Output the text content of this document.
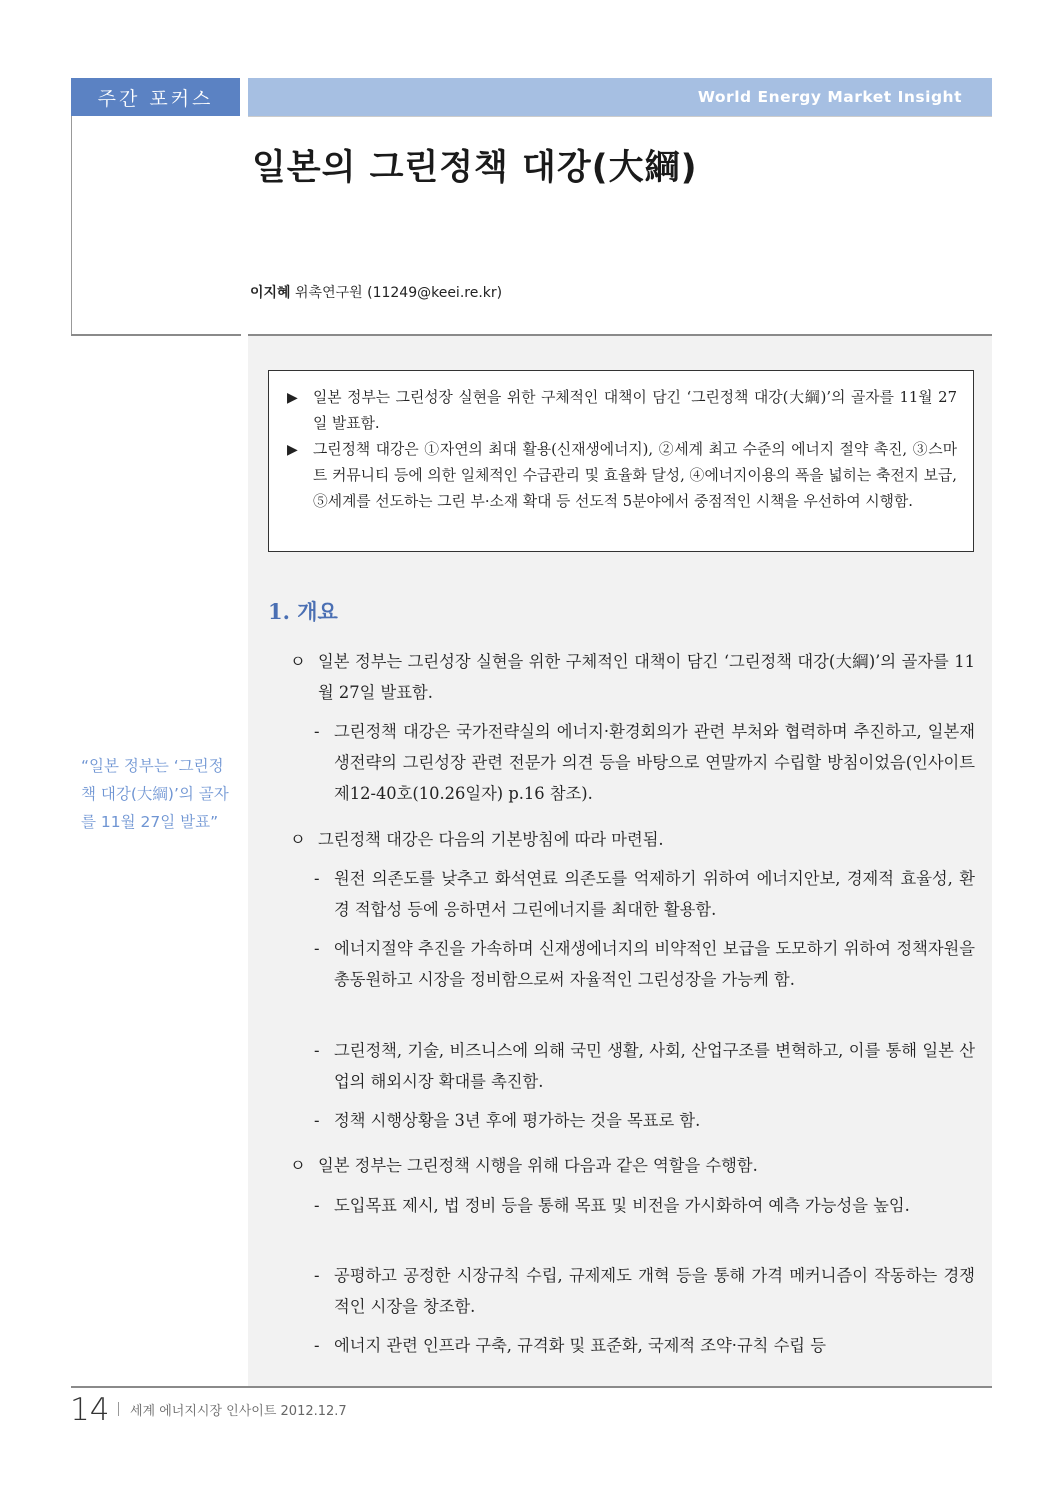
주간 포커스	World Energy Market Insight
일본의 그린정책 대강(大綱)
이지혜 위촉연구원 (11249@keei.re.kr)
▶ 일본 정부는 그린성장 실현을 위한 구체적인 대책이 담긴 ‘그린정책 대강(大綱)’의 골자를 11월 27일 발표함.
▶ 그린정책 대강은 ①자연의 최대 활용(신재생에너지), ②세계 최고 수준의 에너지 절약 촉진, ③스마트 커뮤니티 등에 의한 일체적인 수급관리 및 효율화 달성, ④에너지이용의 폭을 넓히는 축전지 보급, ⑤세계를 선도하는 그린 부·소재 확대 등 선도적 5분야에서 중점적인 시책을 우선하여 시행함.
“일본 정부는 ‘그린정책 대강(大綱)’의 골자를 11월 27일 발표”
1. 개요
ㅇ 일본 정부는 그린성장 실현을 위한 구체적인 대책이 담긴 ‘그린정책 대강(大綱)’의 골자를 11월 27일 발표함.
- 그린정책 대강은 국가전략실의 에너지·환경회의가 관련 부처와 협력하며 추진하고, 일본재생전략의 그린성장 관련 전문가 의견 등을 바탕으로 연말까지 수립할 방침이었음(인사이트 제12-40호(10.26일자) p.16 참조).
ㅇ 그린정책 대강은 다음의 기본방침에 따라 마련됨.
- 원전 의존도를 낮추고 화석연료 의존도를 억제하기 위하여 에너지안보, 경제적 효율성, 환경 적합성 등에 응하면서 그린에너지를 최대한 활용함.
- 에너지절약 추진을 가속하며 신재생에너지의 비약적인 보급을 도모하기 위하여 정책자원을 총동원하고 시장을 정비함으로써 자율적인 그린성장을 가능케 함.
- 그린정책, 기술, 비즈니스에 의해 국민 생활, 사회, 산업구조를 변혁하고, 이를 통해 일본 산업의 해외시장 확대를 촉진함.
- 정책 시행상황을 3년 후에 평가하는 것을 목표로 함.
ㅇ 일본 정부는 그린정책 시행을 위해 다음과 같은 역할을 수행함.
- 도입목표 제시, 법 정비 등을 통해 목표 및 비전을 가시화하여 예측 가능성을 높임.
- 공평하고 공정한 시장규칙 수립, 규제제도 개혁 등을 통해 가격 메커니즘이 작동하는 경쟁적인 시장을 창조함.
- 에너지 관련 인프라 구축, 규격화 및 표준화, 국제적 조약·규칙 수립 등
14 세계 에너지시장 인사이트 2012.12.7
